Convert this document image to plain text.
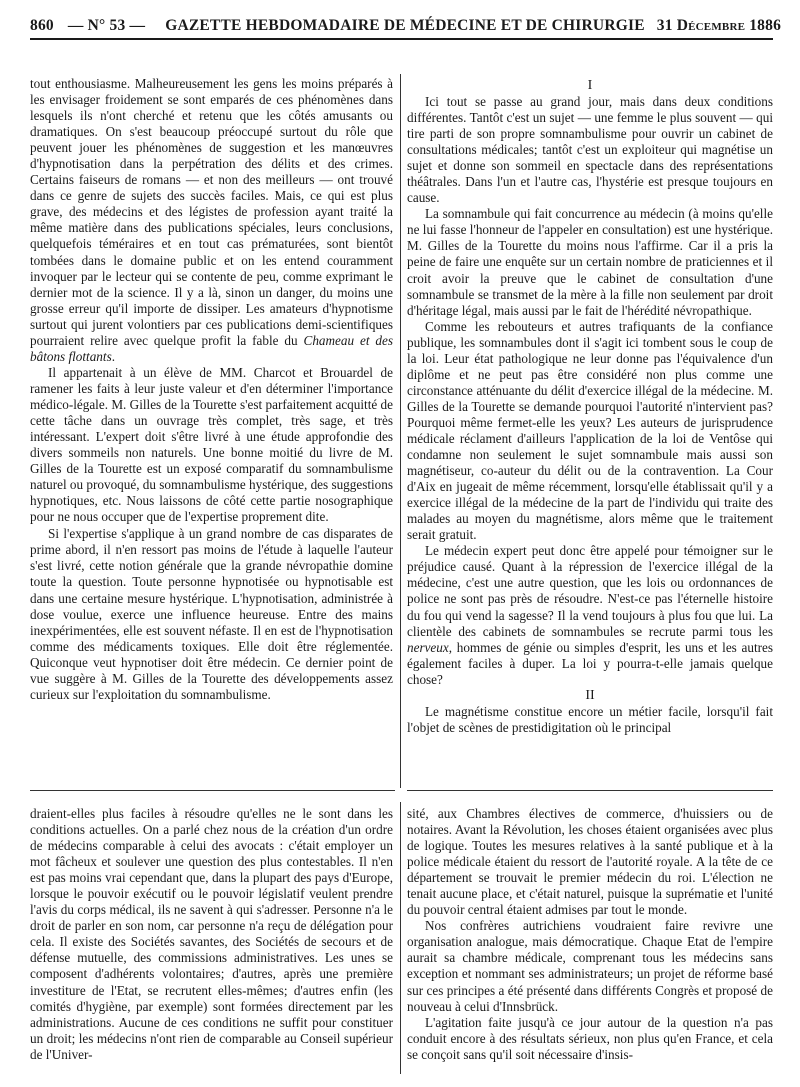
860 — N° 53 — GAZETTE HEBDOMADAIRE DE MÉDECINE ET DE CHIRURGIE 31 Décembre 1886

tout enthousiasme. Malheureusement les gens les moins préparés à les envisager froidement se sont emparés de ces phénomènes dans lesquels ils n'ont cherché et retenu que les côtés amusants ou dramatiques. On s'est beaucoup préoccupé surtout du rôle que peuvent jouer les phénomènes de suggestion et les manœuvres d'hypnotisation dans la perpétration des délits et des crimes. Certains faiseurs de romans — et non des meilleurs — ont trouvé dans ce genre de sujets des succès faciles. Mais, ce qui est plus grave, des médecins et des légistes de profession ayant traité la même matière dans des publications spéciales, leurs conclusions, quelquefois téméraires et en tout cas prématurées, sont bientôt tombées dans le domaine public et on les entend couramment invoquer par le lecteur qui se contente de peu, comme exprimant le dernier mot de la science. Il y a là, sinon un danger, du moins une grosse erreur qu'il importe de dissiper. Les amateurs d'hypnotisme surtout qui jurent volontiers par ces publications demi-scientifiques pourraient relire avec quelque profit la fable du Chameau et des bâtons flottants.

Il appartenait à un élève de MM. Charcot et Brouardel de ramener les faits à leur juste valeur et d'en déterminer l'importance médico-légale. M. Gilles de la Tourette s'est parfaitement acquitté de cette tâche dans un ouvrage très complet, très sage, et très intéressant. L'expert doit s'être livré à une étude approfondie des divers sommeils non naturels. Une bonne moitié du livre de M. Gilles de la Tourette est un exposé comparatif du somnambulisme naturel ou provoqué, du somnambulisme hystérique, des suggestions hypnotiques, etc. Nous laissons de côté cette partie nosographique pour ne nous occuper que de l'expertise proprement dite.

Si l'expertise s'applique à un grand nombre de cas disparates de prime abord, il n'en ressort pas moins de l'étude à laquelle l'auteur s'est livré, cette notion générale que la grande névropathie domine toute la question. Toute personne hypnotisée ou hypnotisable est dans une certaine mesure hystérique. L'hypnotisation, administrée à dose voulue, exerce une influence heureuse. Entre des mains inexpérimentées, elle est souvent néfaste. Il en est de l'hypnotisation comme des médicaments toxiques. Elle doit être réglementée. Quiconque veut hypnotiser doit être médecin. Ce dernier point de vue suggère à M. Gilles de la Tourette des développements assez curieux sur l'exploitation du somnambulisme.

I

Ici tout se passe au grand jour, mais dans deux conditions différentes. Tantôt c'est un sujet — une femme le plus souvent — qui tire parti de son propre somnambulisme pour ouvrir un cabinet de consultations médicales; tantôt c'est un exploiteur qui magnétise un sujet et donne son sommeil en spectacle dans des représentations théâtrales. Dans l'un et l'autre cas, l'hystérie est presque toujours en cause.

La somnambule qui fait concurrence au médecin (à moins qu'elle ne lui fasse l'honneur de l'appeler en consultation) est une hystérique. M. Gilles de la Tourette du moins nous l'affirme. Car il a pris la peine de faire une enquête sur un certain nombre de praticiennes et il croit avoir la preuve que le cabinet de consultation d'une somnambule se transmet de la mère à la fille non seulement par droit d'héritage légal, mais aussi par le fait de l'hérédité névropathique.

Comme les rebouteurs et autres trafiquants de la confiance publique, les somnambules dont il s'agit ici tombent sous le coup de la loi. Leur état pathologique ne leur donne pas l'équivalence d'un diplôme et ne peut pas être considéré non plus comme une circonstance atténuante du délit d'exercice illégal de la médecine. M. Gilles de la Tourette se demande pourquoi l'autorité n'intervient pas? Pourquoi même fermet-elle les yeux? Les auteurs de jurisprudence médicale réclament d'ailleurs l'application de la loi de Ventôse qui condamne non seulement le sujet somnambule mais aussi son magnétiseur, co-auteur du délit ou de la contravention. La Cour d'Aix en jugeait de même récemment, lorsqu'elle établissait qu'il y a exercice illégal de la médecine de la part de l'individu qui traite des malades au moyen du magnétisme, alors même que le traitement serait gratuit.

Le médecin expert peut donc être appelé pour témoigner sur le préjudice causé. Quant à la répression de l'exercice illégal de la médecine, c'est une autre question, que les lois ou ordonnances de police ne sont pas près de résoudre. N'est-ce pas l'éternelle histoire du fou qui vend la sagesse? Il la vend toujours à plus fou que lui. La clientèle des cabinets de somnambules se recrute parmi tous les nerveux, hommes de génie ou simples d'esprit, les uns et les autres également faciles à duper. La loi y pourra-t-elle jamais quelque chose?

II

Le magnétisme constitue encore un métier facile, lorsqu'il fait l'objet de scènes de prestidigitation où le principal

draient-elles plus faciles à résoudre qu'elles ne le sont dans les conditions actuelles. On a parlé chez nous de la création d'un ordre de médecins comparable à celui des avocats : c'était employer un mot fâcheux et soulever une question des plus contestables. Il n'en est pas moins vrai cependant que, dans la plupart des pays d'Europe, lorsque le pouvoir exécutif ou le pouvoir législatif veulent prendre l'avis du corps médical, ils ne savent à qui s'adresser. Personne n'a le droit de parler en son nom, car personne n'a reçu de délégation pour cela. Il existe des Sociétés savantes, des Sociétés de secours et de défense mutuelle, des commissions administratives. Les unes se composent d'adhérents volontaires; d'autres, après une première investiture de l'Etat, se recrutent elles-mêmes; d'autres enfin (les comités d'hygiène, par exemple) sont formées directement par les administrations. Aucune de ces conditions ne suffit pour constituer un droit; les médecins n'ont rien de comparable au Conseil supérieur de l'Univer-

sité, aux Chambres électives de commerce, d'huissiers ou de notaires. Avant la Révolution, les choses étaient organisées avec plus de logique. Toutes les mesures relatives à la santé publique et à la police médicale étaient du ressort de l'autorité royale. A la tête de ce département se trouvait le premier médecin du roi. L'élection ne tenait aucune place, et c'était naturel, puisque la suprématie et l'unité du pouvoir central étaient admises par tout le monde.

Nos confrères autrichiens voudraient faire revivre une organisation analogue, mais démocratique. Chaque Etat de l'empire aurait sa chambre médicale, comprenant tous les médecins sans exception et nommant ses administrateurs; un projet de réforme basé sur ces principes a été présenté dans différents Congrès et proposé de nouveau à celui d'Innsbrück.

L'agitation faite jusqu'à ce jour autour de la question n'a pas conduit encore à des résultats sérieux, non plus qu'en France, et cela se conçoit sans qu'il soit nécessaire d'insis-
